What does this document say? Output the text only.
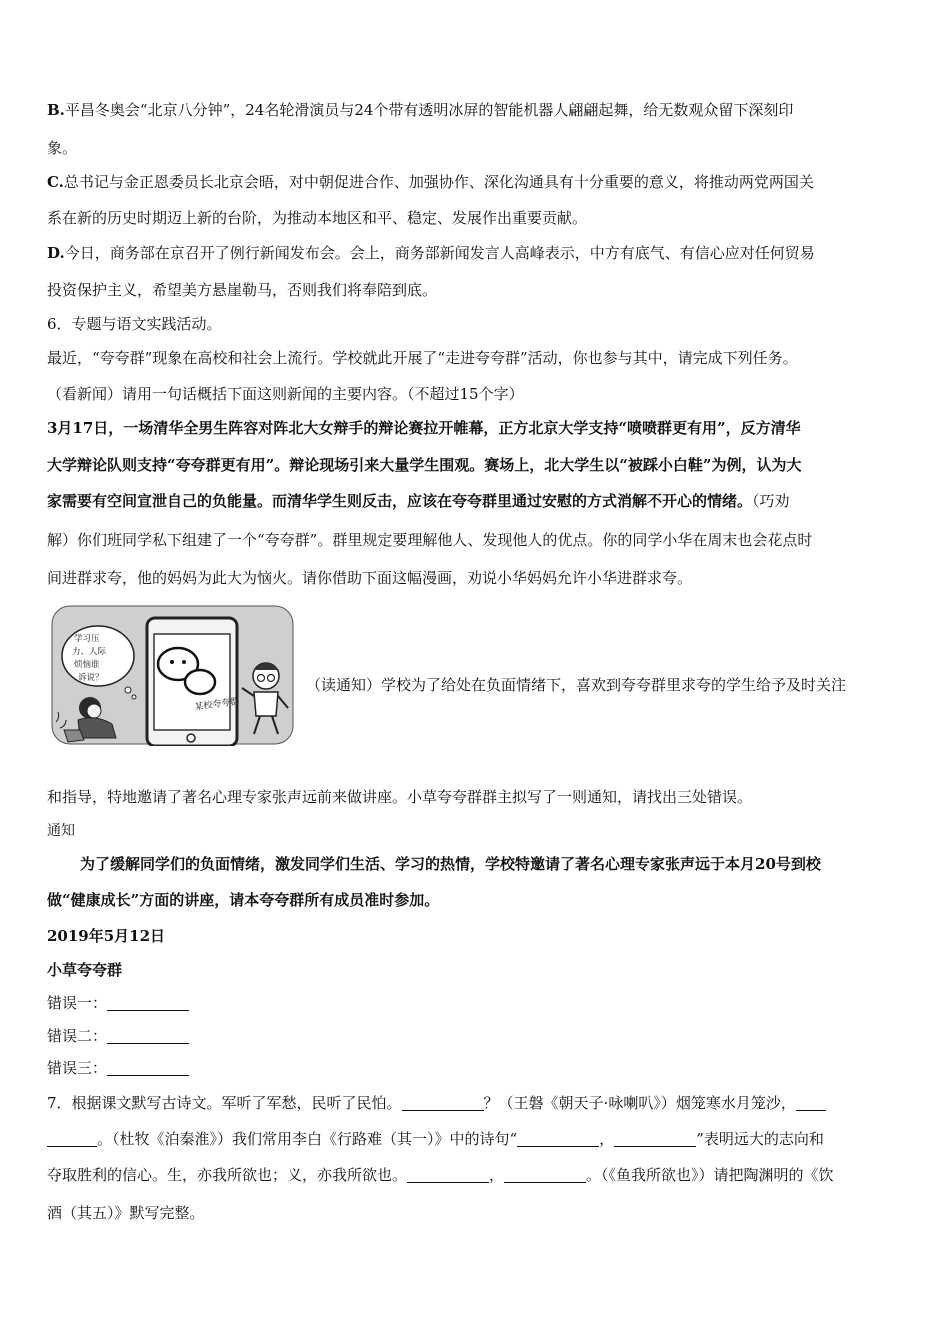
B.平昌冬奥会“北京八分钟”，24名轮滑演员与24个带有透明冰屏的智能机器人翩翩起舞，给无数观众留下深刻印

象。

C.总书记与金正恩委员长北京会晤，对中朝促进合作、加强协作、深化沟通具有十分重要的意义，将推动两党两国关

系在新的历史时期迈上新的台阶，为推动本地区和平、稳定、发展作出重要贡献。

D.今日，商务部在京召开了例行新闻发布会。会上，商务部新闻发言人高峰表示，中方有底气、有信心应对任何贸易

投资保护主义，希望美方悬崖勒马，否则我们将奉陪到底。

6．专题与语文实践活动。

最近，“夸夸群”现象在高校和社会上流行。学校就此开展了“走进夸夸群”活动，你也参与其中，请完成下列任务。

（看新闻）请用一句话概括下面这则新闻的主要内容。（不超过15个字）

3月17日，一场清华全男生阵容对阵北大女辩手的辩论赛拉开帷幕，正方北京大学支持“喷喷群更有用”，反方清华

大学辩论队则支持“夸夸群更有用”。辩论现场引来大量学生围观。赛场上，北大学生以“被踩小白鞋”为例，认为大

家需要有空间宣泄自己的负能量。而清华学生则反击，应该在夸夸群里通过安慰的方式消解不开心的情绪。（巧劝

解）你们班同学私下组建了一个“夸夸群”。群里规定要理解他人、发现他人的优点。你的同学小华在周末也会花点时

间进群求夸，他的妈妈为此大为恼火。请你借助下面这幅漫画，劝说小华妈妈允许小华进群求夸。

某校夸夸群
学习压
力、人际
烦恼谁
诉说？	（读通知）学校为了给处在负面情绪下，喜欢到夸夸群里求夸的学生给予及时关注

和指导，特地邀请了著名心理专家张声远前来做讲座。小草夸夸群群主拟写了一则通知，请找出三处错误。

通知

为了缓解同学们的负面情绪，激发同学们生活、学习的热情，学校特邀请了著名心理专家张声远于本月20号到校

做“健康成长”方面的讲座，请本夸夸群所有成员准时参加。

2019年5月12日

小草夸夸群

错误一：

错误二：

错误三：

7．根据课文默写古诗文。军听了军愁，民听了民怕。	？（王磐《朝天子·咏喇叭》）烟笼寒水月笼沙，

。（杜牧《泊秦淮》）我们常用李白《行路难（其一）》中的诗句“	，	”表明远大的志向和

夺取胜利的信心。生，亦我所欲也；义，亦我所欲也。	，	。（《鱼我所欲也》）请把陶渊明的《饮

酒（其五）》默写完整。
